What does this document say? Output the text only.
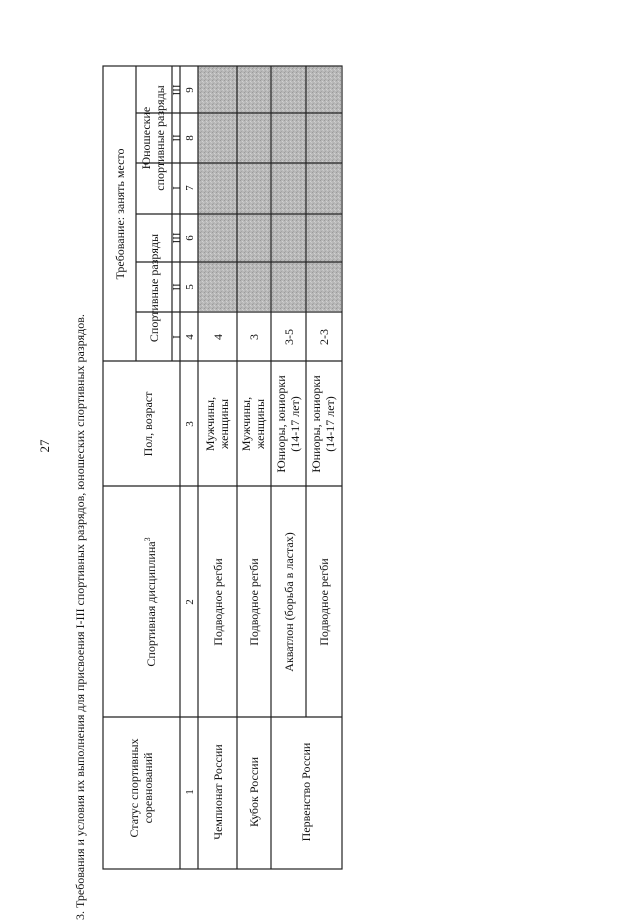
27 3. Требования и условия их выполнения для присвоения I-III спортивных разрядов, юношеских спортивных разрядов.	Статус спортивных соревнований
Спортивная дисциплина$^3$
Пол, возраст
Требование: занять место
Спортивные разряды
Юношеские спортивные разряды
I
II
III
I
II
III
1
2
3
4
5
6
7
8
9
Чемпионат России
Подводное регби
Мужчины, женщины
4
Кубок России
Подводное регби
Мужчины, женщины
3
Первенство России
Акватлон (борьба в ластах)
Юниоры, юниорки (14-17 лет)
3-5
Подводное регби
Юниоры, юниорки (14-17 лет)
2-3
